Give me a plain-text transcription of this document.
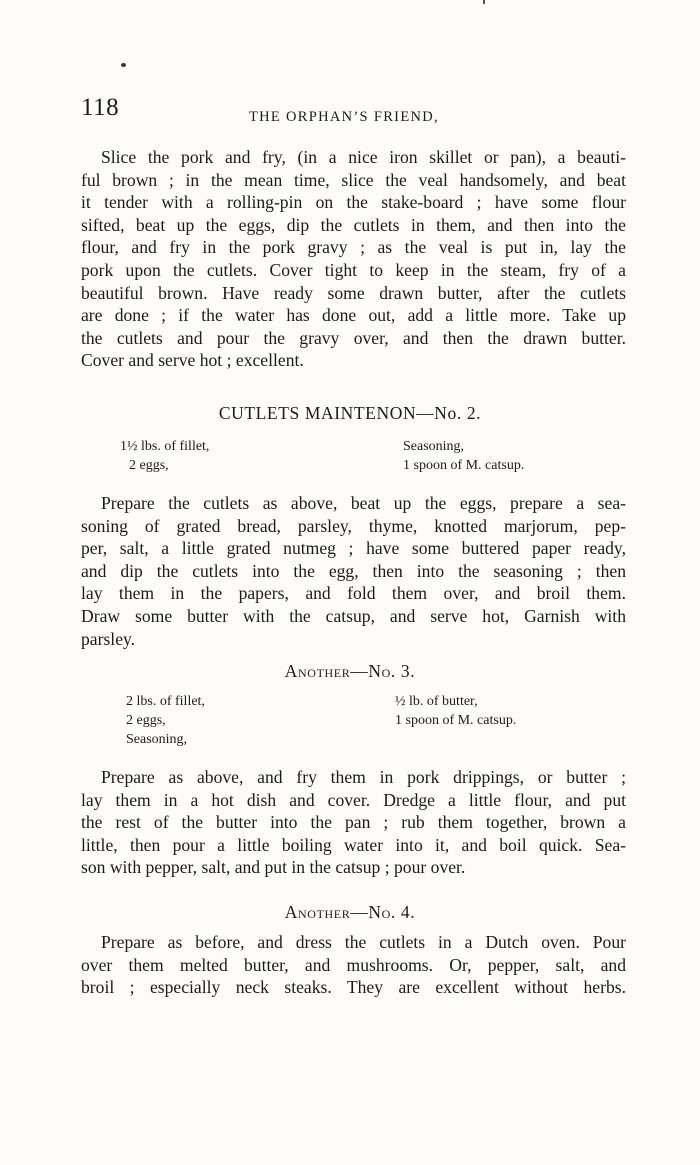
118	THE ORPHAN’S FRIEND,
Slice the pork and fry, (in a nice iron skillet or pan), a beauti-
ful brown ; in the mean time, slice the veal handsomely, and beat
it tender with a rolling-pin on the stake-board ; have some flour
sifted, beat up the eggs, dip the cutlets in them, and then into the
flour, and fry in the pork gravy ; as the veal is put in, lay the
pork upon the cutlets. Cover tight to keep in the steam, fry of a
beautiful brown. Have ready some drawn butter, after the cutlets
are done ; if the water has done out, add a little more. Take up
the cutlets and pour the gravy over, and then the drawn butter.
Cover and serve hot ; excellent.
CUTLETS MAINTENON—No. 2.
1½ lbs. of fillet,
2 eggs,
Seasoning,
1 spoon of M. catsup.
Prepare the cutlets as above, beat up the eggs, prepare a sea-
soning of grated bread, parsley, thyme, knotted marjorum, pep-
per, salt, a little grated nutmeg ; have some buttered paper ready,
and dip the cutlets into the egg, then into the seasoning ; then
lay them in the papers, and fold them over, and broil them.
Draw some butter with the catsup, and serve hot, Garnish with
parsley.
Another—No. 3.
2 lbs. of fillet,
2 eggs,
Seasoning,
½ lb. of butter,
1 spoon of M. catsup.
Prepare as above, and fry them in pork drippings, or butter ;
lay them in a hot dish and cover. Dredge a little flour, and put
the rest of the butter into the pan ; rub them together, brown a
little, then pour a little boiling water into it, and boil quick. Sea-
son with pepper, salt, and put in the catsup ; pour over.
Another—No. 4.
Prepare as before, and dress the cutlets in a Dutch oven. Pour
over them melted butter, and mushrooms. Or, pepper, salt, and
broil ; especially neck steaks. They are excellent without herbs.
